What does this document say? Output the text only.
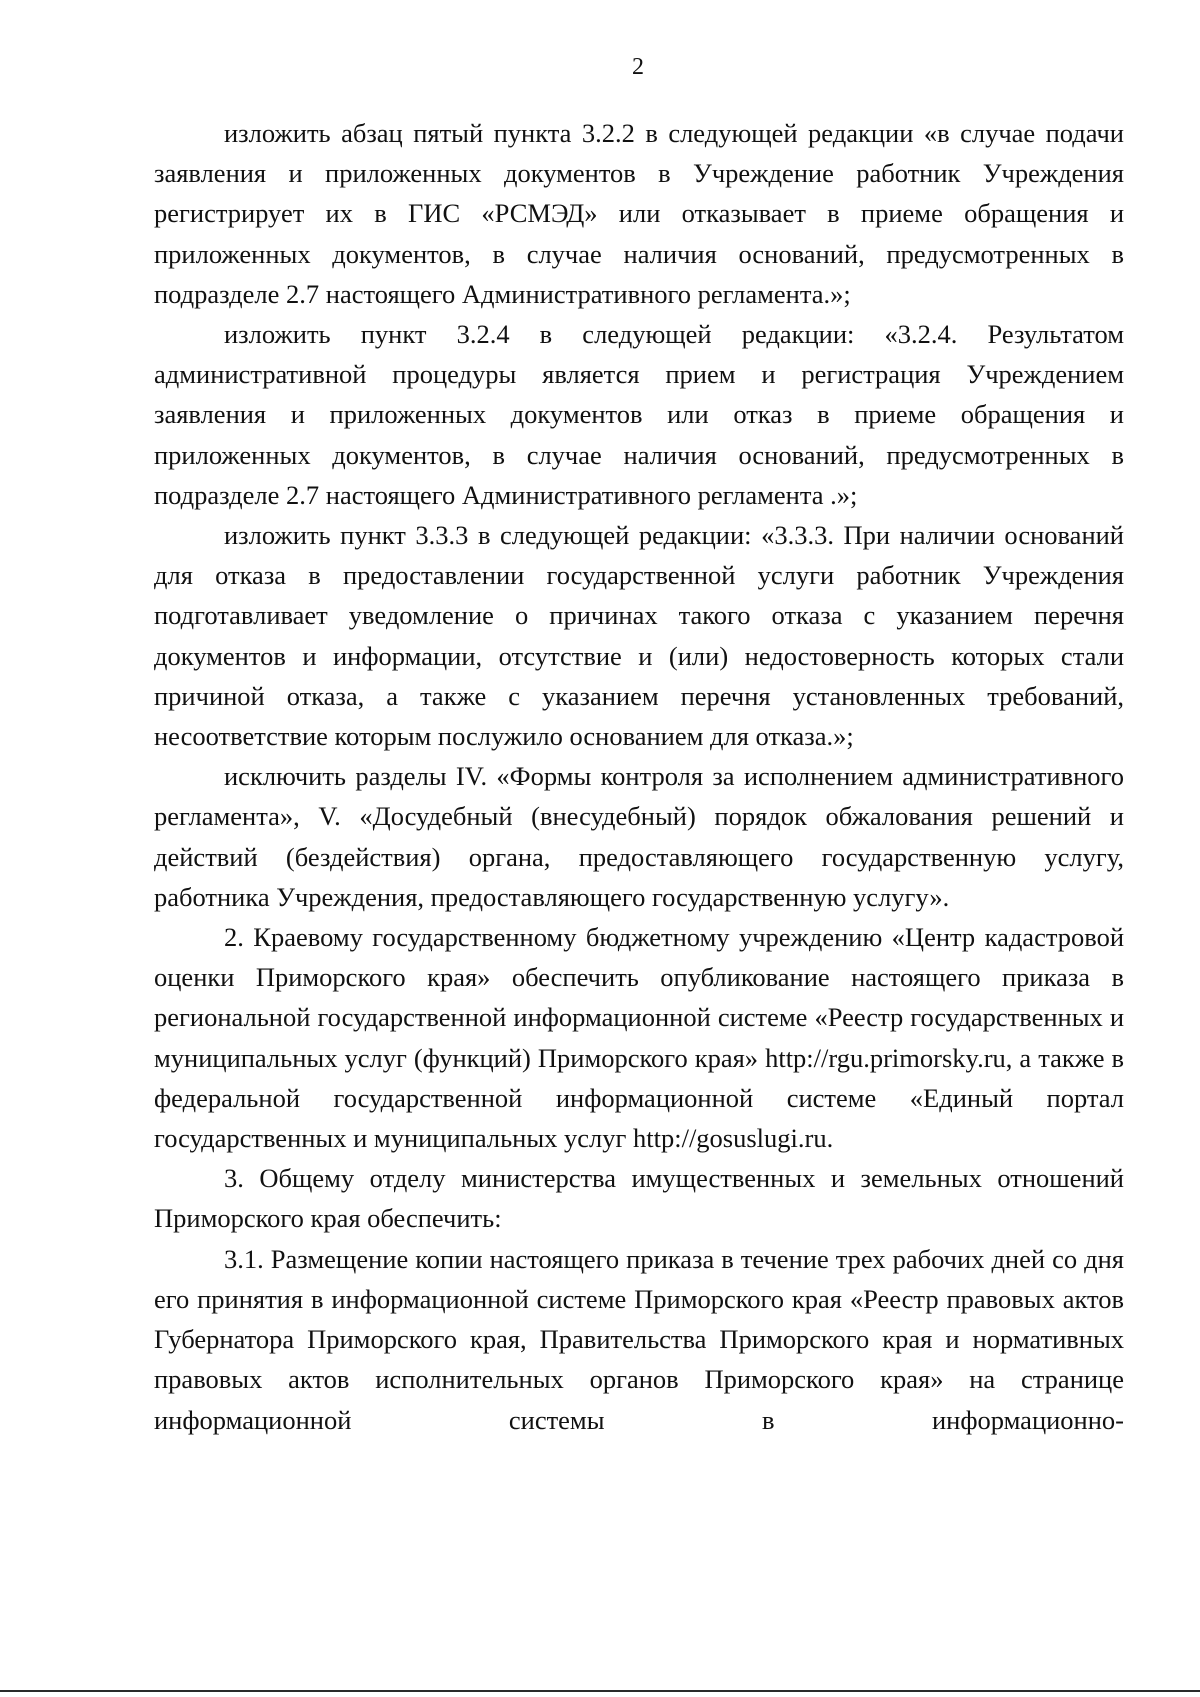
2

изложить абзац пятый пункта 3.2.2 в следующей редакции «в случае подачи заявления и приложенных документов в Учреждение работник Учреждения регистрирует их в ГИС «РСМЭД» или отказывает в приеме обращения и приложенных документов, в случае наличия оснований, предусмотренных в подразделе 2.7 настоящего Административного регламента.»;

изложить пункт 3.2.4 в следующей редакции: «3.2.4. Результатом административной процедуры является прием и регистрация Учреждением заявления и приложенных документов или отказ в приеме обращения и приложенных документов, в случае наличия оснований, предусмотренных в подразделе 2.7 настоящего Административного регламента .»;

изложить пункт 3.3.3 в следующей редакции: «3.3.3. При наличии оснований для отказа в предоставлении государственной услуги работник Учреждения подготавливает уведомление о причинах такого отказа с указанием перечня документов и информации, отсутствие и (или) недостоверность которых стали причиной отказа, а также с указанием перечня установленных требований, несоответствие которым послужило основанием для отказа.»;

исключить разделы IV. «Формы контроля за исполнением административного регламента», V. «Досудебный (внесудебный) порядок обжалования решений и действий (бездействия) органа, предоставляющего государственную услугу, работника Учреждения, предоставляющего государственную услугу».

2. Краевому государственному бюджетному учреждению «Центр кадастровой оценки Приморского края» обеспечить опубликование настоящего приказа в региональной государственной информационной системе «Реестр государственных и муниципальных услуг (функций) Приморского края» http://rgu.primorsky.ru, а также в федеральной государственной информационной системе «Единый портал государственных и муниципальных услуг http://gosuslugi.ru.

3. Общему отделу министерства имущественных и земельных отношений Приморского края обеспечить:

3.1. Размещение копии настоящего приказа в течение трех рабочих дней со дня его принятия в информационной системе Приморского края «Реестр правовых актов Губернатора Приморского края, Правительства Приморского края и нормативных правовых актов исполнительных органов Приморского края» на странице информационной системы в информационно-
